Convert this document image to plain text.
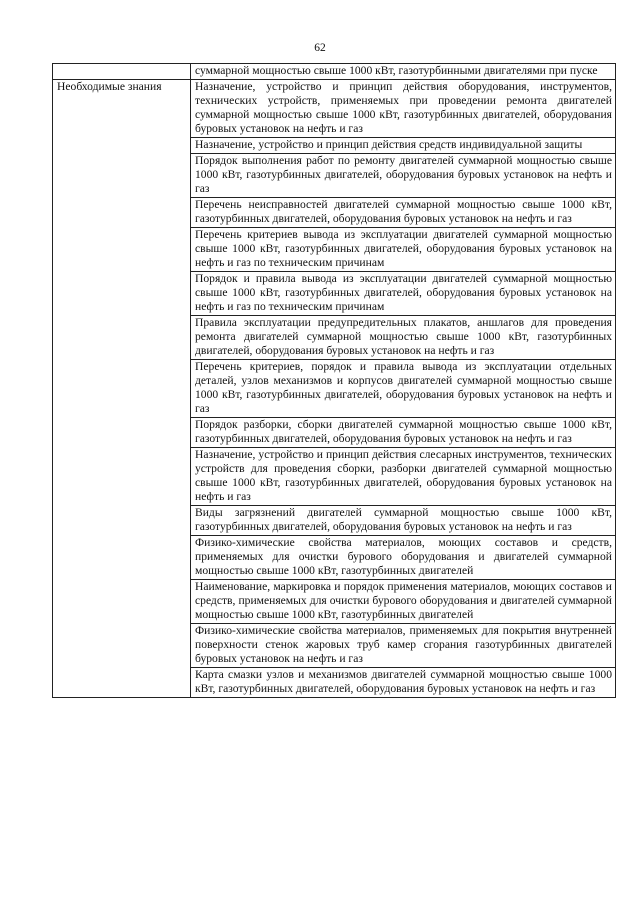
62
	суммарной мощностью свыше 1000 кВт, газотурбинными двигателями при пуске
Необходимые знания	Назначение, устройство и принцип действия оборудования, инструментов, технических устройств, применяемых при проведении ремонта двигателей суммарной мощностью свыше 1000 кВт, газотурбинных двигателей, оборудования буровых установок на нефть и газ
	Назначение, устройство и принцип действия средств индивидуальной защиты
	Порядок выполнения работ по ремонту двигателей суммарной мощностью свыше 1000 кВт, газотурбинных двигателей, оборудования буровых установок на нефть и газ
	Перечень неисправностей двигателей суммарной мощностью свыше 1000 кВт, газотурбинных двигателей, оборудования буровых установок на нефть и газ
	Перечень критериев вывода из эксплуатации двигателей суммарной мощностью свыше 1000 кВт, газотурбинных двигателей, оборудования буровых установок на нефть и газ по техническим причинам
	Порядок и правила вывода из эксплуатации двигателей суммарной мощностью свыше 1000 кВт, газотурбинных двигателей, оборудования буровых установок на нефть и газ по техническим причинам
	Правила эксплуатации предупредительных плакатов, аншлагов для проведения ремонта двигателей суммарной мощностью свыше 1000 кВт, газотурбинных двигателей, оборудования буровых установок на нефть и газ
	Перечень критериев, порядок и правила вывода из эксплуатации отдельных деталей, узлов механизмов и корпусов двигателей суммарной мощностью свыше 1000 кВт, газотурбинных двигателей, оборудования буровых установок на нефть и газ
	Порядок разборки, сборки двигателей суммарной мощностью свыше 1000 кВт, газотурбинных двигателей, оборудования буровых установок на нефть и газ
	Назначение, устройство и принцип действия слесарных инструментов, технических устройств для проведения сборки, разборки двигателей суммарной мощностью свыше 1000 кВт, газотурбинных двигателей, оборудования буровых установок на нефть и газ
	Виды загрязнений двигателей суммарной мощностью свыше 1000 кВт, газотурбинных двигателей, оборудования буровых установок на нефть и газ
	Физико-химические свойства материалов, моющих составов и средств, применяемых для очистки бурового оборудования и двигателей суммарной мощностью свыше 1000 кВт, газотурбинных двигателей
	Наименование, маркировка и порядок применения материалов, моющих составов и средств, применяемых для очистки бурового оборудования и двигателей суммарной мощностью свыше 1000 кВт, газотурбинных двигателей
	Физико-химические свойства материалов, применяемых для покрытия внутренней поверхности стенок жаровых труб камер сгорания газотурбинных двигателей буровых установок на нефть и газ
	Карта смазки узлов и механизмов двигателей суммарной мощностью свыше 1000 кВт, газотурбинных двигателей, оборудования буровых установок на нефть и газ
